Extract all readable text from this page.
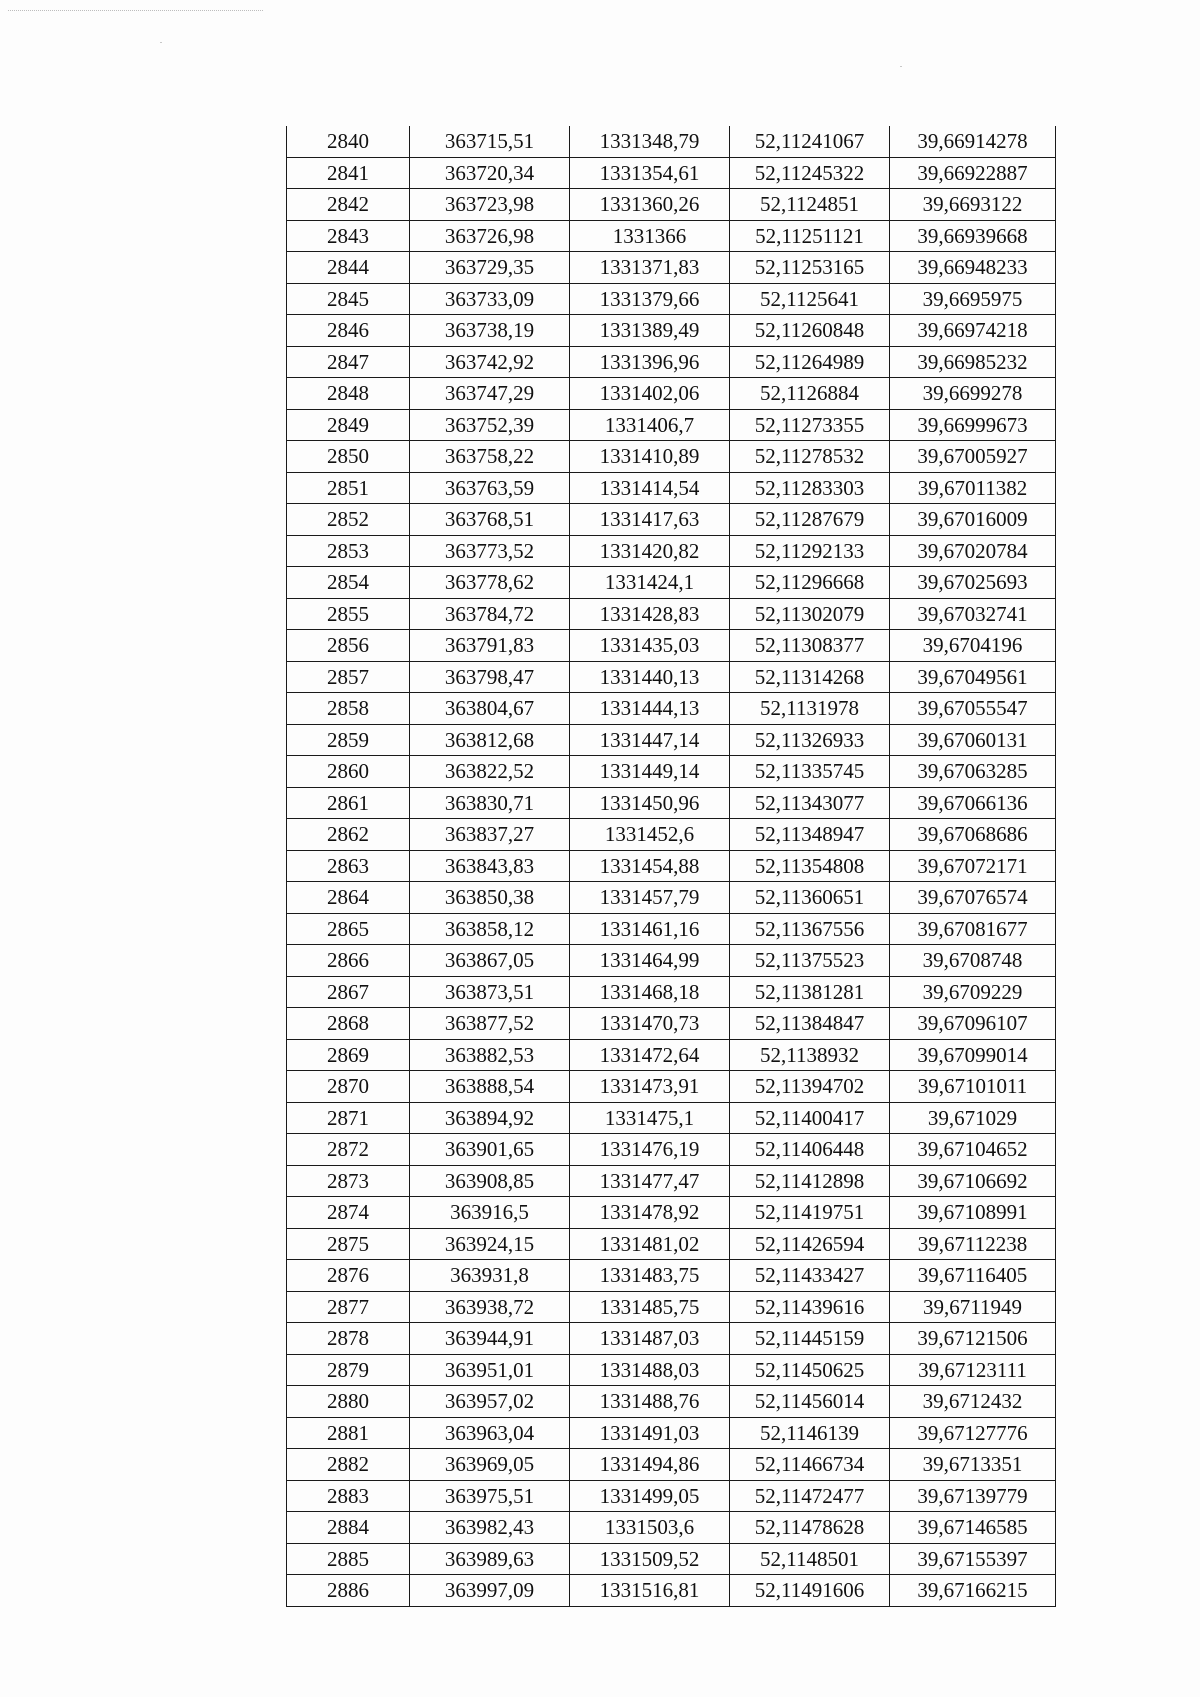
2840	363715,51	1331348,79	52,11241067	39,66914278
2841	363720,34	1331354,61	52,11245322	39,66922887
2842	363723,98	1331360,26	52,1124851	39,6693122
2843	363726,98	1331366	52,11251121	39,66939668
2844	363729,35	1331371,83	52,11253165	39,66948233
2845	363733,09	1331379,66	52,1125641	39,6695975
2846	363738,19	1331389,49	52,11260848	39,66974218
2847	363742,92	1331396,96	52,11264989	39,66985232
2848	363747,29	1331402,06	52,1126884	39,6699278
2849	363752,39	1331406,7	52,11273355	39,66999673
2850	363758,22	1331410,89	52,11278532	39,67005927
2851	363763,59	1331414,54	52,11283303	39,67011382
2852	363768,51	1331417,63	52,11287679	39,67016009
2853	363773,52	1331420,82	52,11292133	39,67020784
2854	363778,62	1331424,1	52,11296668	39,67025693
2855	363784,72	1331428,83	52,11302079	39,67032741
2856	363791,83	1331435,03	52,11308377	39,6704196
2857	363798,47	1331440,13	52,11314268	39,67049561
2858	363804,67	1331444,13	52,1131978	39,67055547
2859	363812,68	1331447,14	52,11326933	39,67060131
2860	363822,52	1331449,14	52,11335745	39,67063285
2861	363830,71	1331450,96	52,11343077	39,67066136
2862	363837,27	1331452,6	52,11348947	39,67068686
2863	363843,83	1331454,88	52,11354808	39,67072171
2864	363850,38	1331457,79	52,11360651	39,67076574
2865	363858,12	1331461,16	52,11367556	39,67081677
2866	363867,05	1331464,99	52,11375523	39,6708748
2867	363873,51	1331468,18	52,11381281	39,6709229
2868	363877,52	1331470,73	52,11384847	39,67096107
2869	363882,53	1331472,64	52,1138932	39,67099014
2870	363888,54	1331473,91	52,11394702	39,67101011
2871	363894,92	1331475,1	52,11400417	39,671029
2872	363901,65	1331476,19	52,11406448	39,67104652
2873	363908,85	1331477,47	52,11412898	39,67106692
2874	363916,5	1331478,92	52,11419751	39,67108991
2875	363924,15	1331481,02	52,11426594	39,67112238
2876	363931,8	1331483,75	52,11433427	39,67116405
2877	363938,72	1331485,75	52,11439616	39,6711949
2878	363944,91	1331487,03	52,11445159	39,67121506
2879	363951,01	1331488,03	52,11450625	39,67123111
2880	363957,02	1331488,76	52,11456014	39,6712432
2881	363963,04	1331491,03	52,1146139	39,67127776
2882	363969,05	1331494,86	52,11466734	39,6713351
2883	363975,51	1331499,05	52,11472477	39,67139779
2884	363982,43	1331503,6	52,11478628	39,67146585
2885	363989,63	1331509,52	52,1148501	39,67155397
2886	363997,09	1331516,81	52,11491606	39,67166215
